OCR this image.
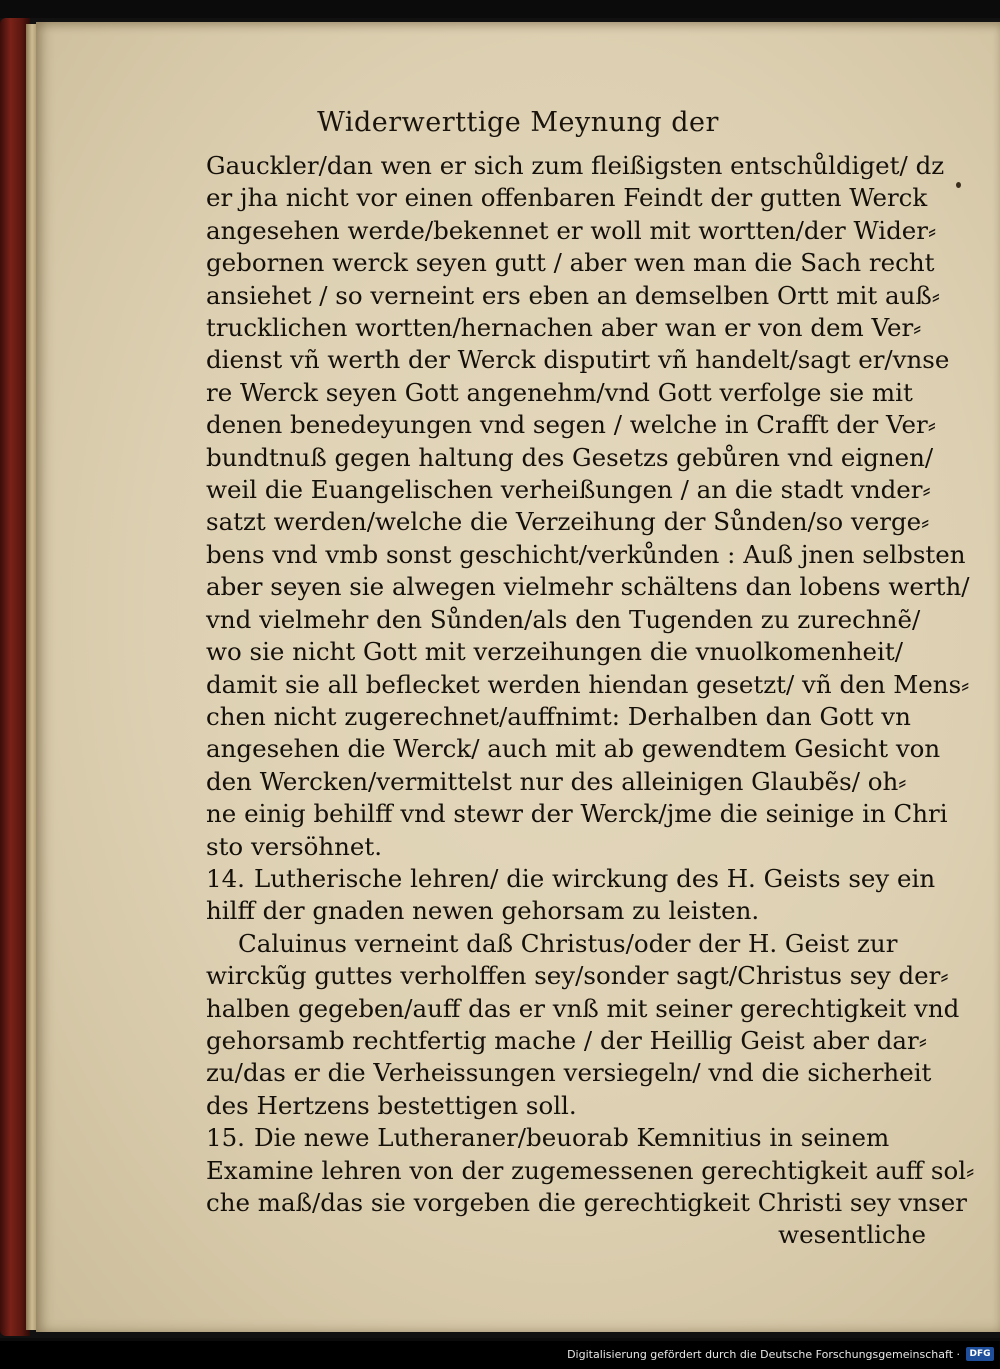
Widerwerttige Meynung der
Gauckler/dan wen er sich zum fleißigsten entschůldiget/ dz
er jha nicht vor einen offenbaren Feindt der gutten Werck
angesehen werde/bekennet er woll mit wortten/der Wider⸗
gebornen werck seyen gutt / aber wen man die Sach recht
ansiehet / so verneint ers eben an demselben Ortt mit auß⸗
trucklichen wortten/hernachen aber wan er von dem Ver⸗
dienst vñ werth der Werck disputirt vñ handelt/sagt er/vnse
re Werck seyen Gott angenehm/vnd Gott verfolge sie mit
denen benedeyungen vnd segen / welche in Crafft der Ver⸗
bundtnuß gegen haltung des Gesetzs gebůren vnd eignen/
weil die Euangelischen verheißungen / an die stadt vnder⸗
satzt werden/welche die Verzeihung der Sůnden/so verge⸗
bens vnd vmb sonst geschicht/verkůnden : Auß jnen selbsten
aber seyen sie alwegen vielmehr schältens dan lobens werth/
vnd vielmehr den Sůnden/als den Tugenden zu zurechnẽ/
wo sie nicht Gott mit verzeihungen die vnuolkomenheit/
damit sie all beflecket werden hiendan gesetzt/ vñ den Mens⸗
chen nicht zugerechnet/auffnimt: Derhalben dan Gott vn
angesehen die Werck/ auch mit ab gewendtem Gesicht von
den Wercken/vermittelst nur des alleinigen Glaubẽs/ oh⸗
ne einig behilff vnd stewr der Werck/jme die seinige in Chri
sto versöhnet.
14. Lutherische lehren/ die wirckung des H. Geists sey ein
hilff der gnaden newen gehorsam zu leisten.
Caluinus verneint daß Christus/oder der H. Geist zur
wirckũg guttes verholffen sey/sonder sagt/Christus sey der⸗
halben gegeben/auff das er vnß mit seiner gerechtigkeit vnd
gehorsamb rechtfertig mache / der Heillig Geist aber dar⸗
zu/das er die Verheissungen versiegeln/ vnd die sicherheit
des Hertzens bestettigen soll.
15. Die newe Lutheraner/beuorab Kemnitius in seinem
Examine lehren von der zugemessenen gerechtigkeit auff sol⸗
che maß/das sie vorgeben die gerechtigkeit Christi sey vnser
wesentliche
Digitalisierung gefördert durch die Deutsche Forschungsgemeinschaft ·	DFG
